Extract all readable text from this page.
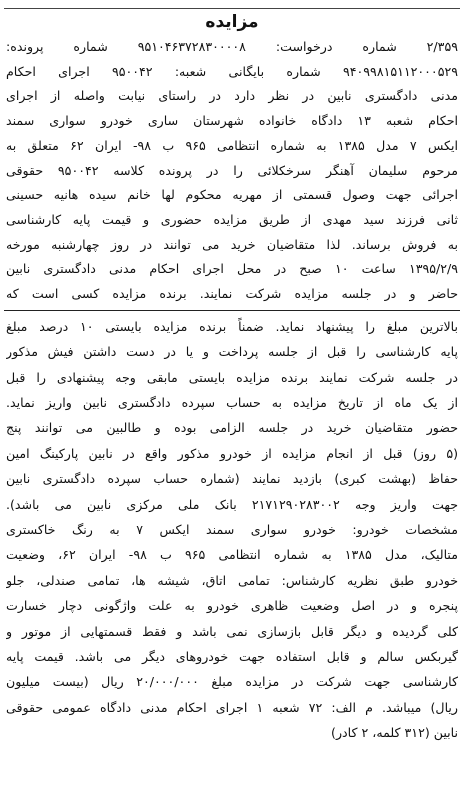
مزایده
۲/۳۵۹ شماره درخواست: ۹۵۱۰۴۶۳۷۲۸۳۰۰۰۰۸ شماره پرونده:
۹۴۰۹۹۸۱۵۱۱۲۰۰۰۵۲۹ شماره بایگانی شعبه: ۹۵۰۰۴۲ اجرای احکام
مدنی دادگستری نابین در نظر دارد در راستای نیابت واصله از اجرای
احکام شعبه ۱۳ دادگاه خانواده شهرستان ساری خودرو سواری سمند
ایکس ۷ مدل ۱۳۸۵ به شماره انتظامی ۹۶۵ ب ۹۸- ایران ۶۲ متعلق به
مرحوم سلیمان آهنگر سرخکلائی را در پرونده کلاسه ۹۵۰۰۴۲ حقوقی
اجرائی جهت وصول قسمتی از مهریه محکوم لها خانم سیده هانیه حسینی
ثانی فرزند سید مهدی از طریق مزایده حضوری و قیمت پایه کارشناسی
به فروش برساند. لذا متقاضیان خرید می توانند در روز چهارشنبه مورخه
۱۳۹۵/۲/۹ ساعت ۱۰ صبح در محل اجرای احکام مدنی دادگستری نابین
حاضر و در جلسه مزایده شرکت نمایند. برنده مزایده کسی است که
بالاترین مبلغ را پیشنهاد نماید. ضمناً برنده مزایده بایستی ۱۰ درصد مبلغ
پایه کارشناسی را قبل از جلسه پرداخت و یا در دست داشتن فیش مذکور
در جلسه شرکت نمایند برنده مزایده بایستی مابقی وجه پیشنهادی را قبل
از یک ماه از تاریخ مزایده به حساب سپرده دادگستری نابین واریز نماید.
حضور متقاضیان خرید در جلسه الزامی بوده و طالبین می توانند پنج
(۵ روز) قبل از انجام مزایده از خودرو مذکور واقع در نابین پارکینگ امین
حفاظ (بهشت کبری) بازدید نمایند (شماره حساب سپرده دادگستری نابین
جهت واریز وجه ۲۱۷۱۲۹۰۲۸۳۰۰۲ بانک ملی مرکزی نابین می باشد).
مشخصات خودرو: خودرو سواری سمند ایکس ۷ به رنگ خاکستری
متالیک، مدل ۱۳۸۵ به شماره انتظامی ۹۶۵ ب ۹۸- ایران ۶۲، وضعیت
خودرو طبق نظریه کارشناس: تمامی اتاق، شیشه ها، تمامی صندلی، جلو
پنجره و در اصل وضعیت ظاهری خودرو به علت واژگونی دچار خسارت
کلی گردیده و دیگر قابل بازسازی نمی باشد و فقط قسمتهایی از موتور و
گیربکس سالم و قابل استفاده جهت خودروهای دیگر می باشد. قیمت پایه
کارشناسی جهت شرکت در مزایده مبلغ ۲۰/۰۰۰/۰۰۰ ریال (بیست میلیون
ریال) میباشد. م الف: ۷۲ شعبه ۱ اجرای احکام مدنی دادگاه عمومی حقوقی
نابین (۳۱۲ کلمه، ۲ کادر)
